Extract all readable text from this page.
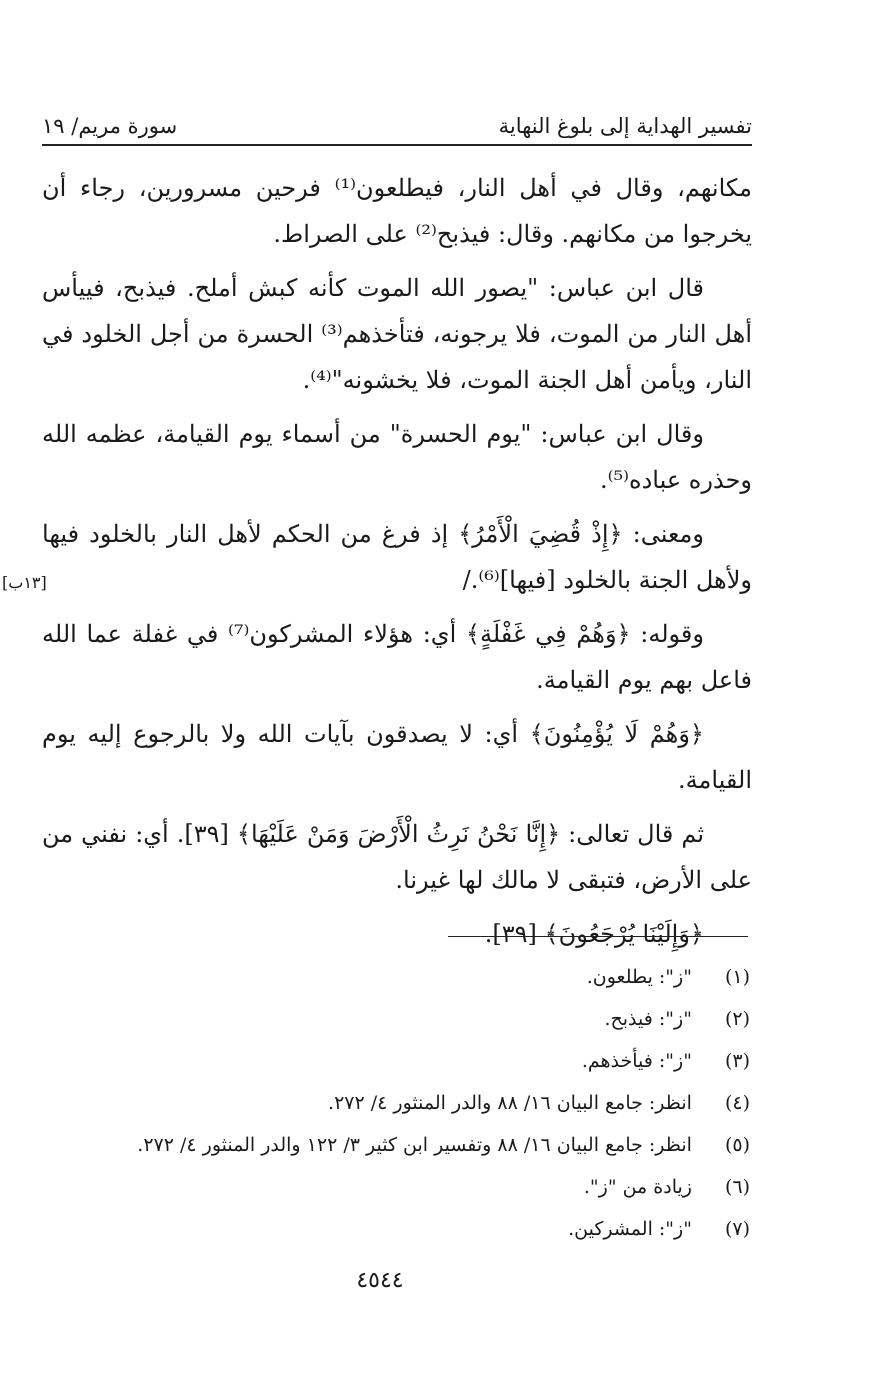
تفسير الهداية إلى بلوغ النهاية
سورة مريم/ ١٩

مكانهم، وقال في أهل النار، فيطلعون⁽¹⁾ فرحين مسرورين، رجاء أن يخرجوا من مكانهم. وقال: فيذبح⁽²⁾ على الصراط.

قال ابن عباس: "يصور الله الموت كأنه كبش أملح. فيذبح، فييأس أهل النار من الموت، فلا يرجونه، فتأخذهم⁽³⁾ الحسرة من أجل الخلود في النار، ويأمن أهل الجنة الموت، فلا يخشونه"⁽⁴⁾.

وقال ابن عباس: "يوم الحسرة" من أسماء يوم القيامة، عظمه الله وحذره عباده⁽⁵⁾.

ومعنى: ﴿إِذْ قُضِيَ الْأَمْرُ﴾ إذ فرغ من الحكم لأهل النار بالخلود فيها ولأهل الجنة بالخلود [فيها]⁽⁶⁾./

وقوله: ﴿وَهُمْ فِي غَفْلَةٍ﴾ أي: هؤلاء المشركون⁽⁷⁾ في غفلة عما الله فاعل بهم يوم القيامة.

﴿وَهُمْ لَا يُؤْمِنُونَ﴾ أي: لا يصدقون بآيات الله ولا بالرجوع إليه يوم القيامة.

ثم قال تعالى: ﴿إِنَّا نَحْنُ نَرِثُ الْأَرْضَ وَمَنْ عَلَيْهَا﴾ [٣٩]. أي: نفني من على الأرض، فتبقى لا مالك لها غيرنا.

﴿وَإِلَيْنَا يُرْجَعُونَ﴾ [٣٩].

[١٣ب]
(١) "ز": يطلعون.
(٢) "ز": فيذبح.
(٣) "ز": فيأخذهم.
(٤) انظر: جامع البيان ١٦/ ٨٨ والدر المنثور ٤/ ٢٧٢.
(٥) انظر: جامع البيان ١٦/ ٨٨ وتفسير ابن كثير ٣/ ١٢٢ والدر المنثور ٤/ ٢٧٢.
(٦) زيادة من "ز".
(٧) "ز": المشركين.
٤٥٤٤
